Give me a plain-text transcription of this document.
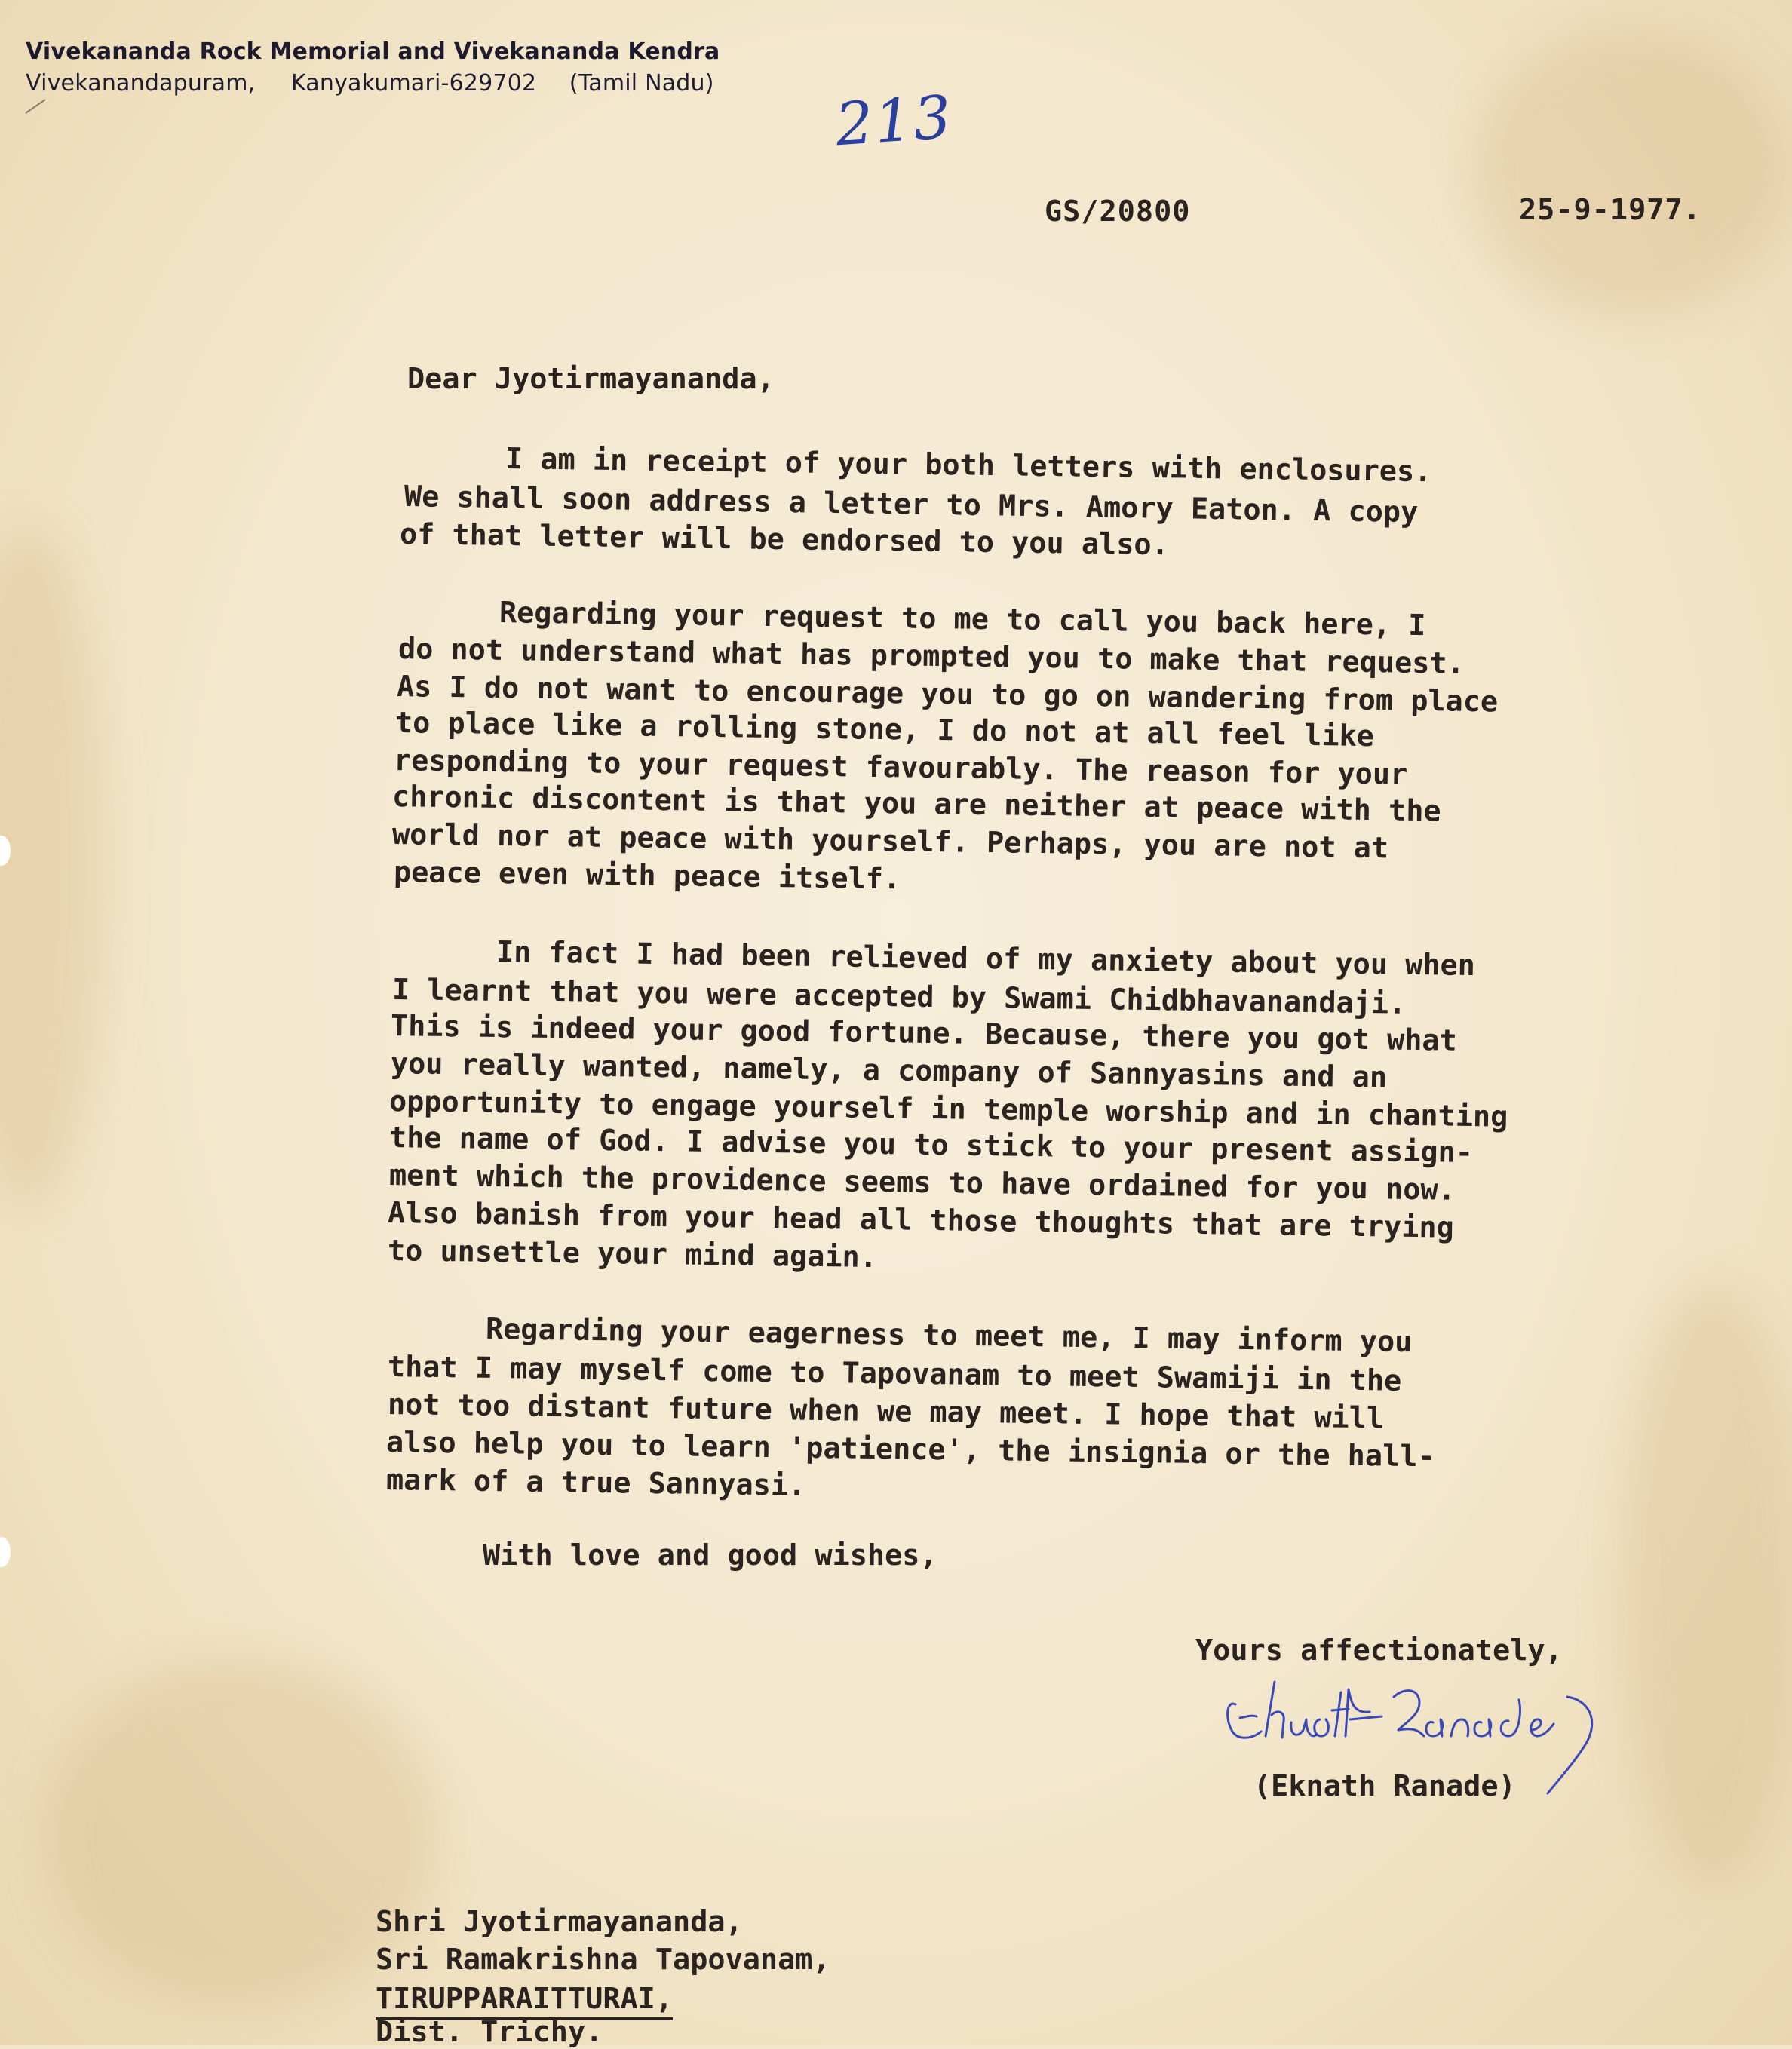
Vivekananda Rock Memorial and Vivekananda Kendra
Vivekanandapuram, Kanyakumari-629702 (Tamil Nadu)
213
GS/20800	25-9-1977.
Dear Jyotirmayananda,
I am in receipt of your both letters with enclosures.
We shall soon address a letter to Mrs. Amory Eaton. A copy
of that letter will be endorsed to you also.
Regarding your request to me to call you back here, I
do not understand what has prompted you to make that request.
As I do not want to encourage you to go on wandering from place
to place like a rolling stone, I do not at all feel like
responding to your request favourably. The reason for your
chronic discontent is that you are neither at peace with the
world nor at peace with yourself. Perhaps, you are not at
peace even with peace itself.
In fact I had been relieved of my anxiety about you when
I learnt that you were accepted by Swami Chidbhavanandaji.
This is indeed your good fortune. Because, there you got what
you really wanted, namely, a company of Sannyasins and an
opportunity to engage yourself in temple worship and in chanting
the name of God. I advise you to stick to your present assign-
ment which the providence seems to have ordained for you now.
Also banish from your head all those thoughts that are trying
to unsettle your mind again.
Regarding your eagerness to meet me, I may inform you
that I may myself come to Tapovanam to meet Swamiji in the
not too distant future when we may meet. I hope that will
also help you to learn 'patience', the insignia or the hall-
mark of a true Sannyasi.
With love and good wishes,
Yours affectionately,
(Eknath Ranade)
Shri Jyotirmayananda,
Sri Ramakrishna Tapovanam,
TIRUPPARAITTURAI,
Dist. Trichy.
